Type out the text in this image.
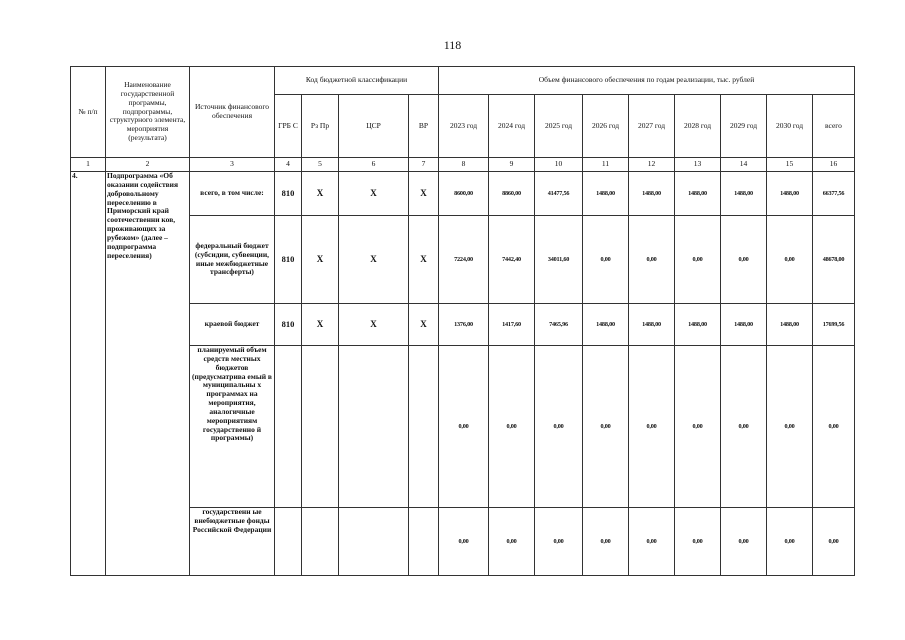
118
№ п/п	Наименование государственной программы, подпрограммы, структурного элемента, мероприятия (результата)	Источник финансового обеспечения	Код бюджетной классификации				Объем финансового обеспечения по годам реализации, тыс. рублей								
			ГРБ С	Рз Пр	ЦСР	ВР	2023 год	2024 год	2025 год	2026 год	2027 год	2028 год	2029 год	2030 год	всего
1	2	3	4	5	6	7	8	9	10	11	12	13	14	15	16
4.	Подпрограмма «Об оказании содействия добровольному переселению в Приморский край соотечественни ков, проживающих за рубежом» (далее – подпрограмма переселения)	всего, в том числе:	810	X	X	X	8600,00	8860,00	41477,56	1488,00	1488,00	1488,00	1488,00	1488,00	66377,56
		федеральный бюджет (субсидии, субвенции, иные межбюджетные трансферты)	810	X	X	X	7224,00	7442,40	34011,60	0,00	0,00	0,00	0,00	0,00	48678,00
		краевой бюджет	810	X	X	X	1376,00	1417,60	7465,96	1488,00	1488,00	1488,00	1488,00	1488,00	17699,56
		планируемый объем средств местных бюджетов (предусматрива емый в муниципальны х программах на мероприятия, аналогичные мероприятиям государственно й программы)					0,00	0,00	0,00	0,00	0,00	0,00	0,00	0,00	0,00
		государственн ые внебюджетные фонды Российской Федерации					0,00	0,00	0,00	0,00	0,00	0,00	0,00	0,00	0,00
